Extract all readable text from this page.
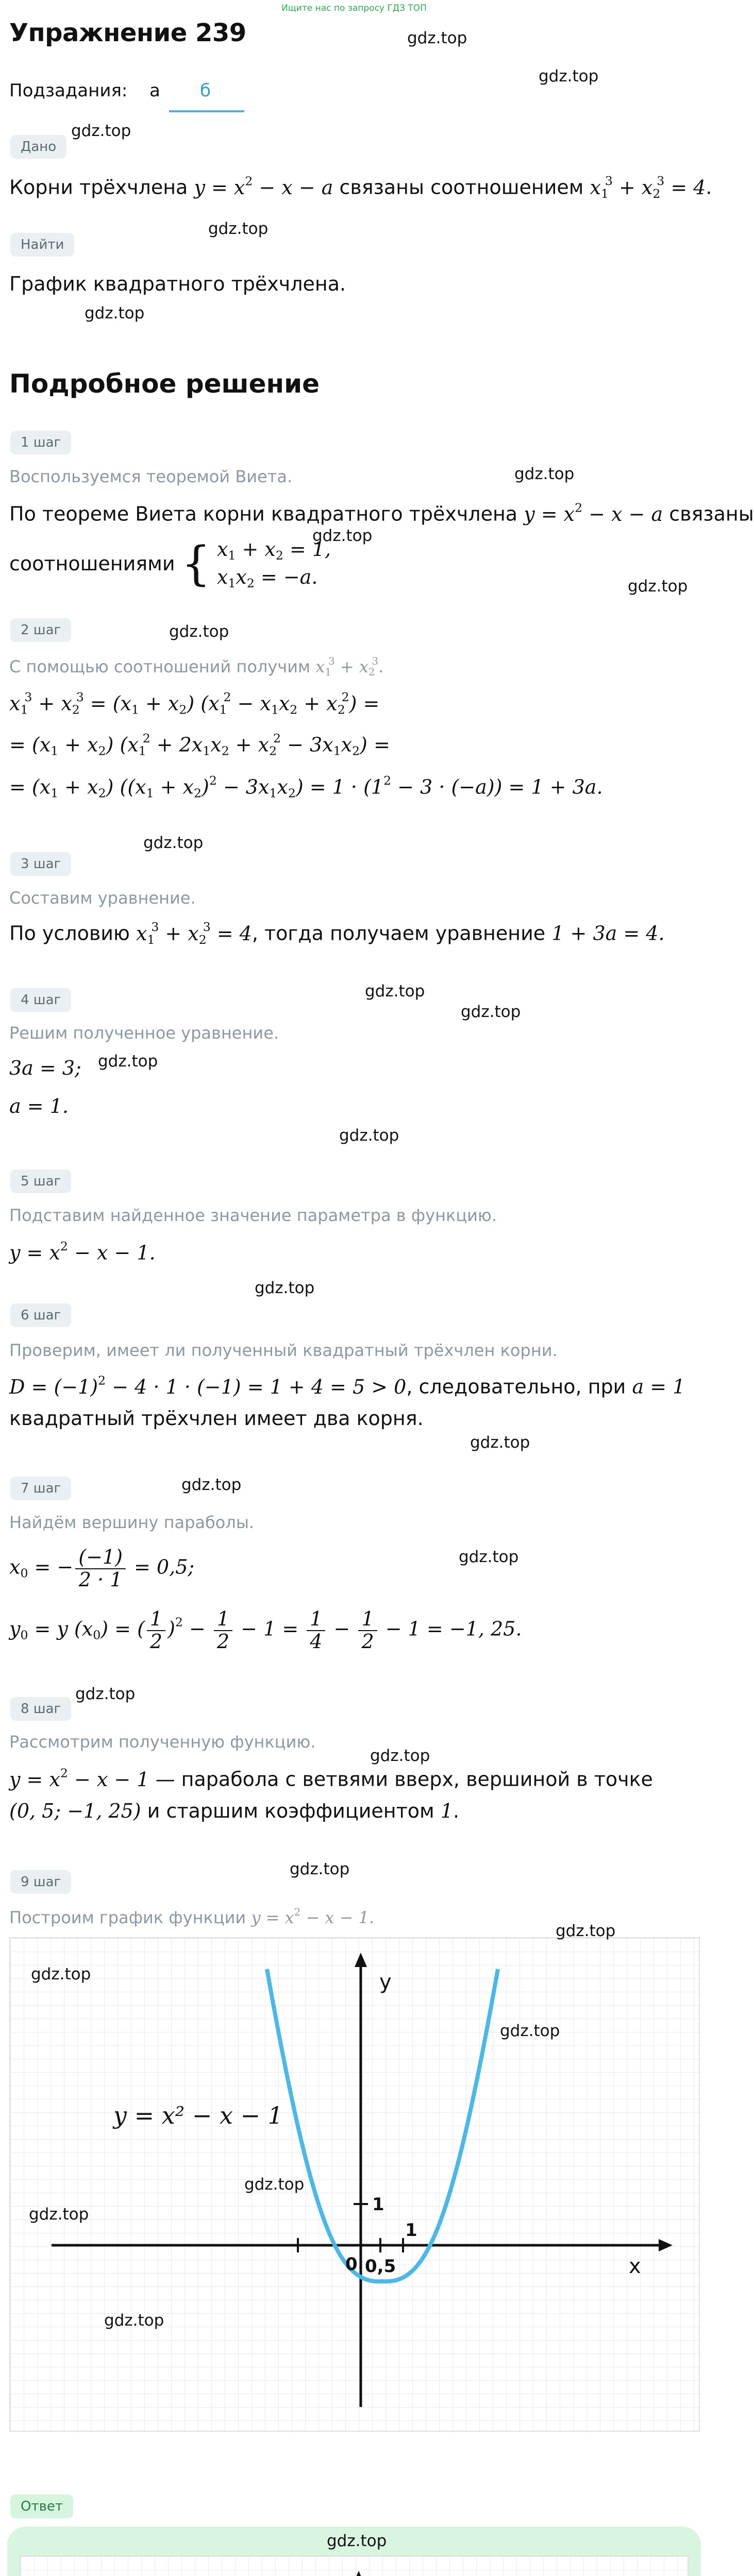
Ищите нас по запросу ГДЗ ТОП
Упражнение 239	gdz.top
gdz.top
gdz.top
gdz.top
gdz.top
gdz.top
gdz.top
gdz.top
gdz.top
gdz.top
gdz.top
gdz.top
gdz.top
gdz.top
gdz.top
gdz.top
gdz.top
gdz.top
gdz.top
gdz.top
gdz.top
Подзадания: а б
Дано
Корни трёхчлена $y = x^2 - x - a$ связаны соотношением $x1^3 + x2^3 = 4$.
Найти
График квадратного трёхчлена.
Подробное решение
1 шаг
Воспользуемся теоремой Виета.
По теореме Виета корни квадратного трёхчлена $y = x^2 - x - a$ связаны
соотношениями { x1 + x2 = 1,
x1x2 = −a.
2 шаг
С помощью соотношений получим $x1^3 + x2^3$.
$x1^3 + x2^3 = (x1 + x2) (x1^2 - x1x2 + x2^2)$ =
= (x1 + x2) $(x1^2 + 2x1x2 + x2^2 - 3x1x2)$ =
= (x1 + x2) $((x1 + x2)^2 - 3x1x2) = 1 \cdot (1^2 - 3 \cdot (-a)) = 1 + 3a$.
3 шаг
Составим уравнение.
По условию $x1^3 + x2^3 = 4$, тогда получаем уравнение 1 + 3a = 4.
4 шаг
Решим полученное уравнение.
3a = 3;
a = 1.
5 шаг
Подставим найденное значение параметра в функцию.
$y = x^2 - x - 1$.
6 шаг
Проверим, имеет ли полученный квадратный трёхчлен корни.
$D = (-1)^2 - 4 \cdot 1 \cdot (-1) = 1 + 4 = 5 > 0$, следовательно, при a = 1
квадратный трёхчлен имеет два корня.
7 шаг
Найдём вершину параболы.
x0 = − $\frac{(-1)}{2 \cdot 1} = 0,5$;
y0 = y (x0) = ( $\frac{1}{2} )^2 - \frac{1}{2} - 1 = \frac{1}{4} - \frac{1}{2} - 1 = -1$, 25.
8 шаг
Рассмотрим полученную функцию.
$y = x^2 - x - 1$ — парабола с ветвями вверх, вершиной в точке
(0, 5; −1, 25) и старшим коэффициентом 1.
9 шаг
Построим график функции $y = x^2 - x - 1$.
y = x² − x − 1
x
y
0 0,5
1
1
gdz.top
gdz.top
gdz.top
gdz.top
gdz.top
gdz.top
Ответ
gdz.top
